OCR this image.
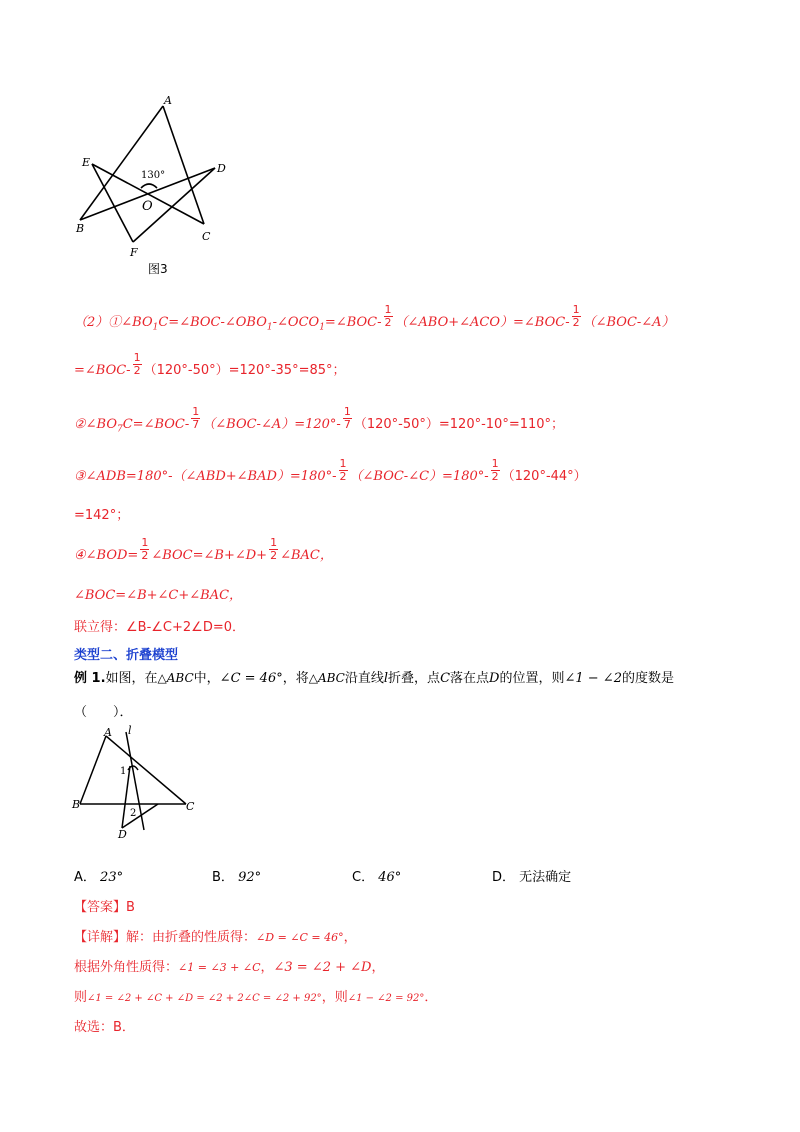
A
E	D
O
B
F
C
130°
图3
$(2)①\angle BO_1C=\angle BOC-\angle OBO_1-\angle OCO_1=\angle BOC- \frac{1}{2}$ （∠ABO+∠ACO）=∠BOC- $\frac{1}{2}$ （∠BOC-∠A）
=∠BOC- $\frac{1}{2} (120^\circ-50^\circ)=120^\circ-35^\circ=85^\circ$；
$②\angle BO_7C=\angle BOC- \frac{1}{7}$ （∠BOC-∠A）=120°- $\frac{1}{7} (120^\circ-50^\circ)=120^\circ-10^\circ=110^\circ$；
③∠ADB=180°-（∠ABD+∠BAD）=180°- $\frac{1}{2}$ （∠BOC-∠C）=180°- $\frac{1}{2} (120^\circ-44^\circ)$
=142°；
④∠BOD= $\frac{1}{2}$ ∠BOC=∠B+∠D+ $\frac{1}{2}$ ∠BAC，
∠BOC=∠B+∠C+∠BAC，
联立得：∠B-∠C+2∠D=0．
类型二、折叠模型
例 1.如图，在△ABC中，∠C = 46°，将△ABC沿直线l折叠，点C落在点D的位置，则∠1 − ∠2的度数是
（　　）．
A l
1
B
2
C
D
A． 23°	B． 92°	C． 46°	D． 无法确定
【答案】B
【详解】解：由折叠的性质得：∠D = ∠C = 46°，
根据外角性质得：∠1 = ∠3 + ∠C，∠3 = ∠2 + ∠D，
则∠1 = ∠2 + ∠C + ∠D = ∠2 + 2∠C = ∠2 + 92°，则∠1 − ∠2 = 92°．
故选：B．
